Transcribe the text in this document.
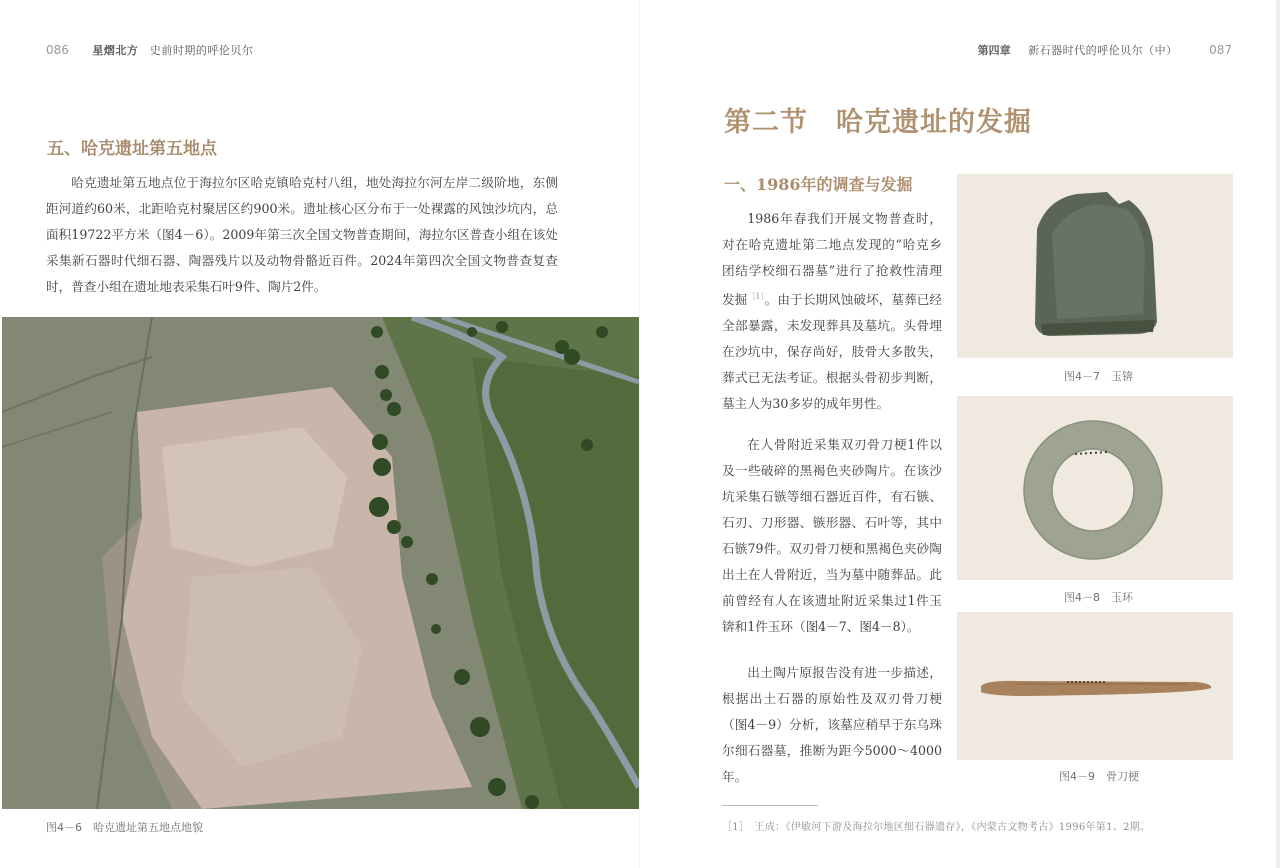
086 星熠北方 史前时期的呼伦贝尔
五、哈克遗址第五地点

哈克遗址第五地点位于海拉尔区哈克镇哈克村八组，地处海拉尔河左岸二级阶地，东侧距河道约60米，北距哈克村聚居区约900米。遗址核心区分布于一处裸露的风蚀沙坑内，总面积19722平方米（图4－6）。2009年第三次全国文物普查期间，海拉尔区普查小组在该处采集新石器时代细石器、陶器残片以及动物骨骼近百件。2024年第四次全国文物普查复查时，普查小组在遗址地表采集石叶9件、陶片2件。

图4－6　哈克遗址第五地点地貌
第四章 新石器时代的呼伦贝尔（中）	087
第二节　哈克遗址的发掘
一、1986年的调查与发掘

1986年春我们开展文物普查时，对在哈克遗址第二地点发现的“哈克乡团结学校细石器墓”进行了抢救性清理发掘$^{[1]}$。由于长期风蚀破坏，墓葬已经全部暴露，未发现葬具及墓坑。头骨埋在沙坑中，保存尚好，肢骨大多散失，葬式已无法考证。根据头骨初步判断，墓主人为30多岁的成年男性。

在人骨附近采集双刃骨刀梗1件以及一些破碎的黑褐色夹砂陶片。在该沙坑采集石镞等细石器近百件，有石镞、石刃、刀形器、镞形器、石叶等，其中石镞79件。双刃骨刀梗和黑褐色夹砂陶出土在人骨附近，当为墓中随葬品。此前曾经有人在该遗址附近采集过1件玉锛和1件玉环（图4－7、图4－8）。

出土陶片原报告没有进一步描述，根据出土石器的原始性及双刃骨刀梗（图4－9）分析，该墓应稍早于东乌珠尔细石器墓，推断为距今5000～4000年。

图4－7　玉锛
图4－8　玉环
图4－9　骨刀梗
［1］　王成：《伊敏河下游及海拉尔地区细石器遗存》，《内蒙古文物考古》1996年第1、2期。
